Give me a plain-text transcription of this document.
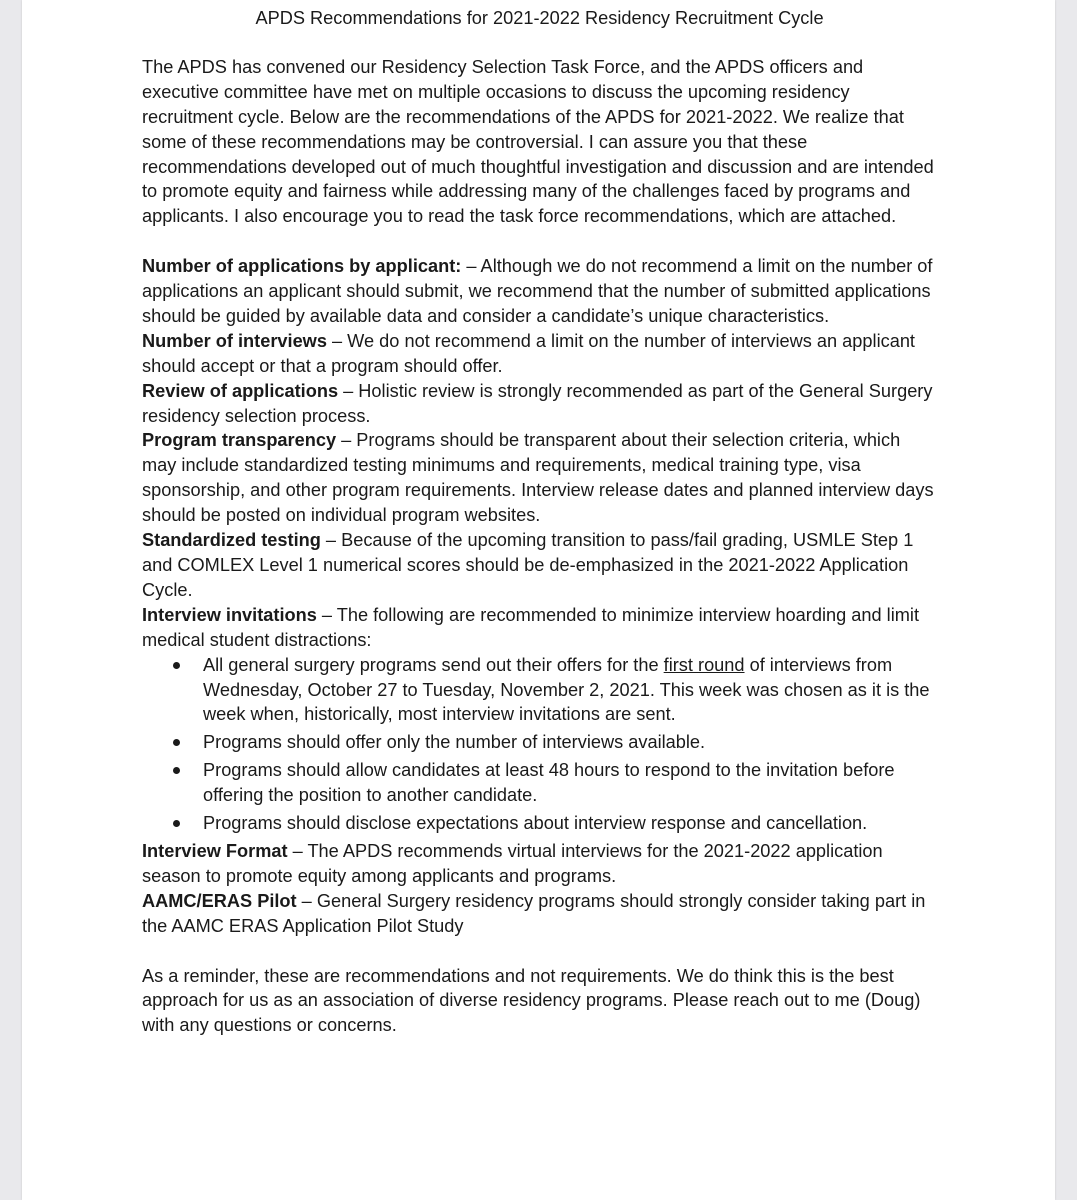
APDS Recommendations for 2021-2022 Residency Recruitment Cycle

The APDS has convened our Residency Selection Task Force, and the APDS officers and executive committee have met on multiple occasions to discuss the upcoming residency recruitment cycle. Below are the recommendations of the APDS for 2021-2022. We realize that some of these recommendations may be controversial. I can assure you that these recommendations developed out of much thoughtful investigation and discussion and are intended to promote equity and fairness while addressing many of the challenges faced by programs and applicants. I also encourage you to read the task force recommendations, which are attached.

Number of applications by applicant: – Although we do not recommend a limit on the number of applications an applicant should submit, we recommend that the number of submitted applications should be guided by available data and consider a candidate’s unique characteristics.

Number of interviews – We do not recommend a limit on the number of interviews an applicant should accept or that a program should offer.

Review of applications – Holistic review is strongly recommended as part of the General Surgery residency selection process.

Program transparency – Programs should be transparent about their selection criteria, which may include standardized testing minimums and requirements, medical training type, visa sponsorship, and other program requirements. Interview release dates and planned interview days should be posted on individual program websites.

Standardized testing – Because of the upcoming transition to pass/fail grading, USMLE Step 1 and COMLEX Level 1 numerical scores should be de-emphasized in the 2021-2022 Application Cycle.

Interview invitations – The following are recommended to minimize interview hoarding and limit medical student distractions:

All general surgery programs send out their offers for the first round of interviews from Wednesday, October 27 to Tuesday, November 2, 2021. This week was chosen as it is the week when, historically, most interview invitations are sent.
Programs should offer only the number of interviews available.
Programs should allow candidates at least 48 hours to respond to the invitation before offering the position to another candidate.
Programs should disclose expectations about interview response and cancellation.

Interview Format – The APDS recommends virtual interviews for the 2021-2022 application season to promote equity among applicants and programs.

AAMC/ERAS Pilot – General Surgery residency programs should strongly consider taking part in the AAMC ERAS Application Pilot Study

As a reminder, these are recommendations and not requirements. We do think this is the best approach for us as an association of diverse residency programs. Please reach out to me (Doug) with any questions or concerns.
